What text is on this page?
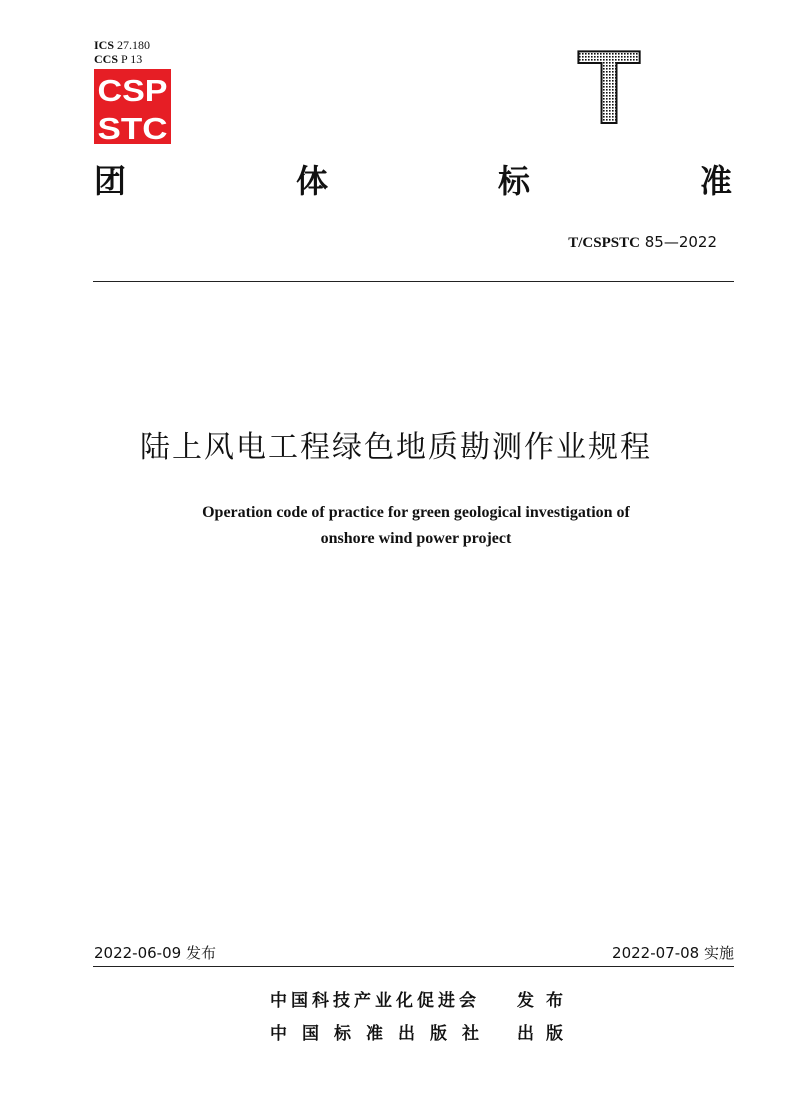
ICS 27.180
CCS P 13
CSP
STC	T
团	体	标	准
T/CSPSTC 85—2022
陆上风电工程绿色地质勘测作业规程
Operation code of practice for green geological investigation of
onshore wind power project
2022-06-09 发布	2022-07-08 实施
中国科技产业化促进会 发布
中国标准出版社 出版
